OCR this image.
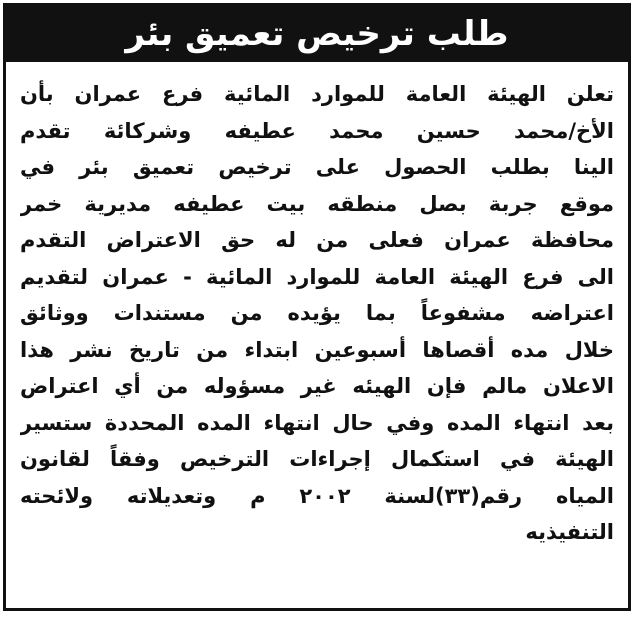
طلب ترخيص تعميق بئر
تعلن الهيئة العامة للموارد المائية فرع عمران بأن
الأخ/محمد حسين محمد عطيفه وشركائة تقدم
الينا بطلب الحصول على ترخيص تعميق بئر في
موقع جربة بصل منطقه بيت عطيفه مديرية خمر
محافظة عمران فعلى من له حق الاعتراض التقدم
الى فرع الهيئة العامة للموارد المائية - عمران لتقديم
اعتراضه مشفوعاً بما يؤيده من مستندات ووثائق
خلال مده أقصاها أسبوعين ابتداء من تاريخ نشر هذا
الاعلان مالم فإن الهيئه غير مسؤوله من أي اعتراض
بعد انتهاء المده وفي حال انتهاء المده المحددة ستسير
الهيئة في استكمال إجراءات الترخيص وفقاً لقانون
المياه رقم(٣٣)لسنة ٢٠٠٢ م وتعديلاته ولائحته
التنفيذيه
